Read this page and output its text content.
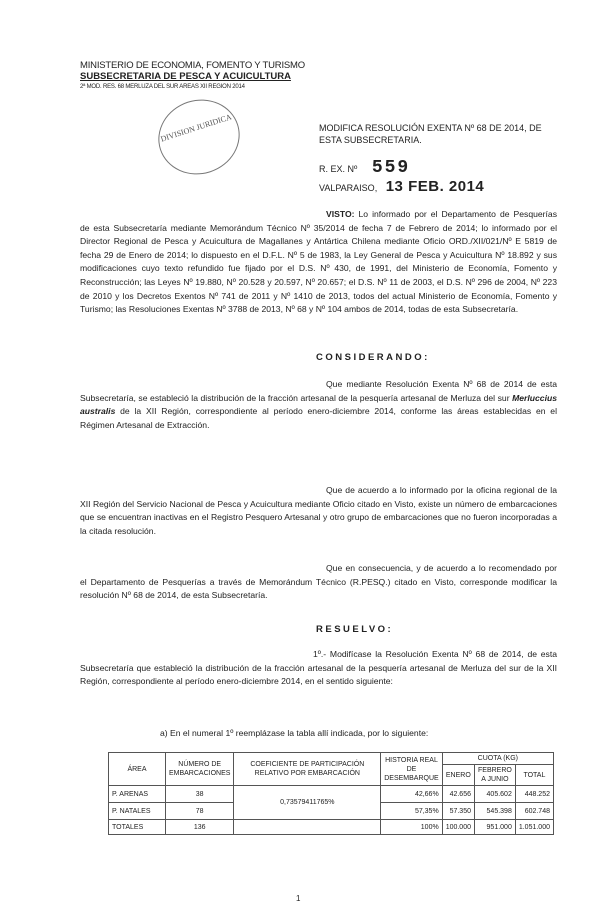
MINISTERIO DE ECONOMIA, FOMENTO Y TURISMO
SUBSECRETARIA DE PESCA Y ACUICULTURA
2ª MOD. RES. 68 MERLUZA DEL SUR AREAS XII REGION 2014
DIVISION JURIDICA	MODIFICA RESOLUCIÓN EXENTA Nº 68 DE 2014, DE ESTA SUBSECRETARIA.
R. EX. Nº 559
VALPARAISO, 13 FEB. 2014
VISTO: Lo informado por el Departamento de Pesquerías de esta Subsecretaría mediante Memorándum Técnico Nº 35/2014 de fecha 7 de Febrero de 2014; lo informado por el Director Regional de Pesca y Acuicultura de Magallanes y Antártica Chilena mediante Oficio ORD./XII/021/Nº E 5819 de fecha 29 de Enero de 2014; lo dispuesto en el D.F.L. Nº 5 de 1983, la Ley General de Pesca y Acuicultura Nº 18.892 y sus modificaciones cuyo texto refundido fue fijado por el D.S. Nº 430, de 1991, del Ministerio de Economía, Fomento y Reconstrucción; las Leyes Nº 19.880, Nº 20.528 y 20.597, Nº 20.657; el D.S. Nº 11 de 2003, el D.S. Nº 296 de 2004, Nº 223 de 2010 y los Decretos Exentos Nº 741 de 2011 y Nº 1410 de 2013, todos del actual Ministerio de Economía, Fomento y Turismo; las Resoluciones Exentas Nº 3788 de 2013, Nº 68 y Nº 104 ambos de 2014, todas de esta Subsecretaría.
CONSIDERANDO:
Que mediante Resolución Exenta Nº 68 de 2014 de esta Subsecretaría, se estableció la distribución de la fracción artesanal de la pesquería artesanal de Merluza del sur Merluccius australis de la XII Región, correspondiente al período enero-diciembre 2014, conforme las áreas establecidas en el Régimen Artesanal de Extracción.
Que de acuerdo a lo informado por la oficina regional de la XII Región del Servicio Nacional de Pesca y Acuicultura mediante Oficio citado en Visto, existe un número de embarcaciones que se encuentran inactivas en el Registro Pesquero Artesanal y otro grupo de embarcaciones que no fueron incorporadas a la citada resolución.
Que en consecuencia, y de acuerdo a lo recomendado por el Departamento de Pesquerías a través de Memorándum Técnico (R.PESQ.) citado en Visto, corresponde modificar la resolución Nº 68 de 2014, de esta Subsecretaría.
RESUELVO:
1º.- Modifícase la Resolución Exenta Nº 68 de 2014, de esta Subsecretaría que estableció la distribución de la fracción artesanal de la pesquería artesanal de Merluza del sur de la XII Región, correspondiente al período enero-diciembre 2014, en el sentido siguiente:
a) En el numeral 1º reemplázase la tabla allí indicada, por lo siguiente:
ÁREA	NÚMERO DE EMBARCACIONES	COEFICIENTE DE PARTICIPACIÓN RELATIVO POR EMBARCACIÓN	HISTORIA REAL DE DESEMBARQUE	CUOTA (KG)		
				ENERO	FEBRERO A JUNIO	TOTAL
P. ARENAS	38	0,73579411765%	42,66%	42.656	405.602	448.252
P. NATALES	78		57,35%	57.350	545.398	602.748
TOTALES	136		100%	100.000	951.000	1.051.000
1
